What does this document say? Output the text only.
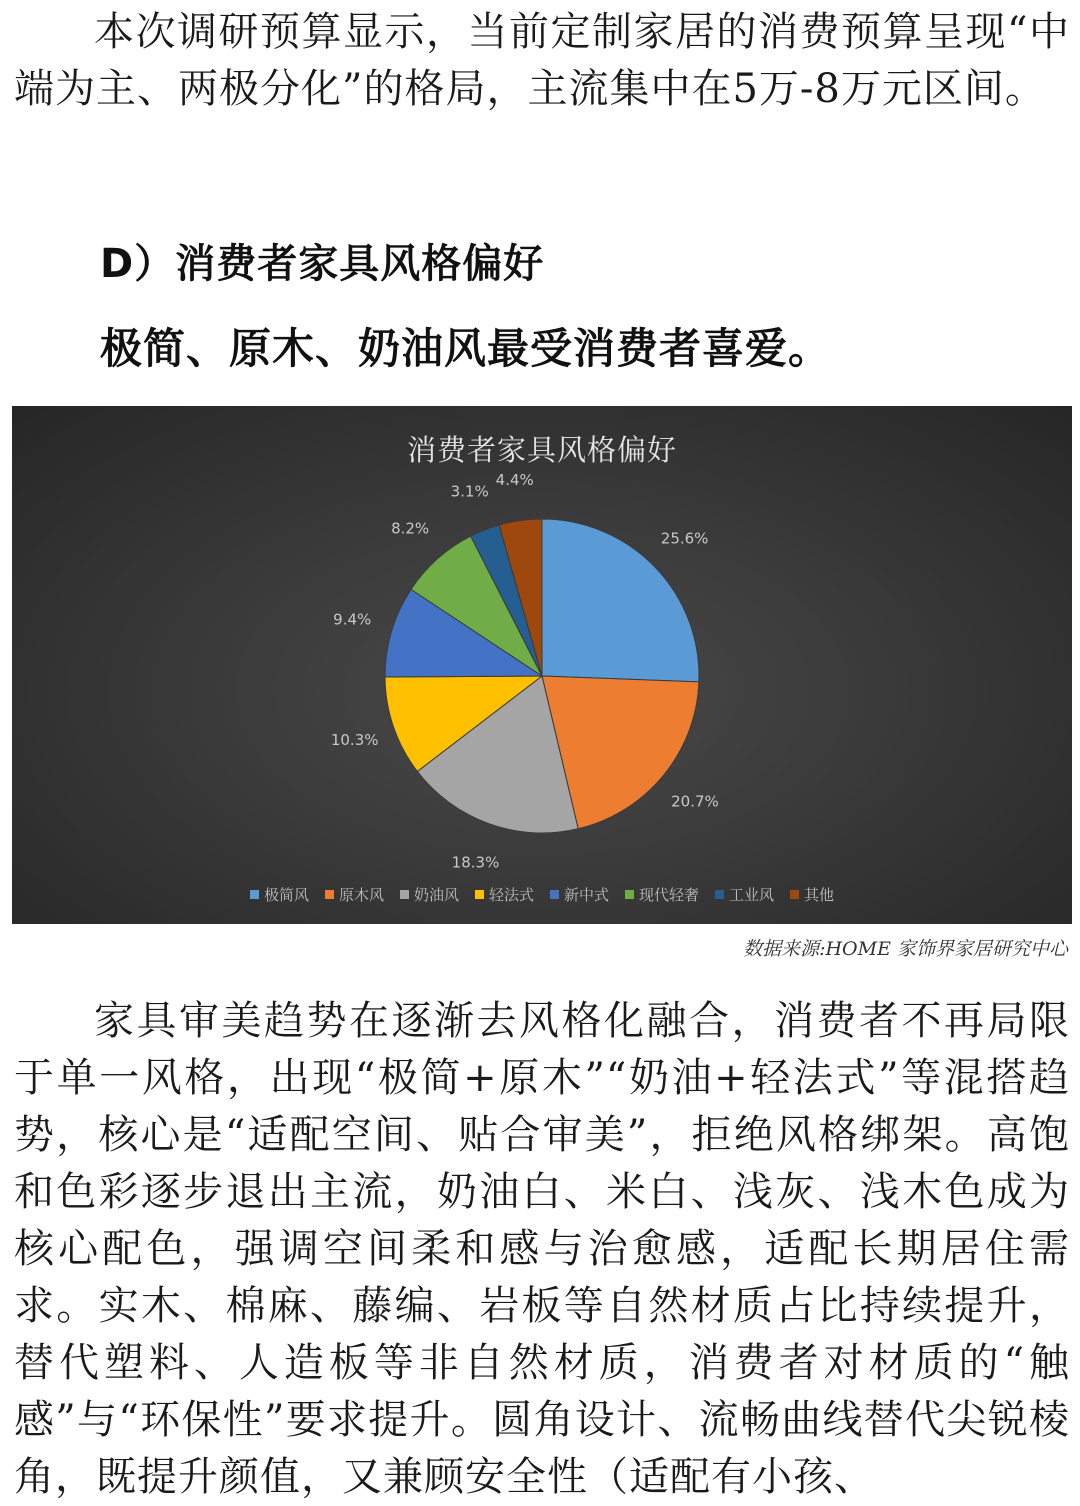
本次调研预算显示，当前定制家居的消费预算呈现“中端为主、两极分化”的格局，主流集中在5万-8万元区间。

D）消费者家具风格偏好
极简、原木、奶油风最受消费者喜爱。
消费者家具风格偏好
25.6%
20.7%
18.3%
10.3%
9.4%
8.2%
3.1%
4.4%
极简风 原木风 奶油风 轻法式 新中式 现代轻奢 工业风 其他
数据来源:HOME 家饰界家居研究中心

家具审美趋势在逐渐去风格化融合，消费者不再局限于单一风格，出现“极简+原木”“奶油+轻法式”等混搭趋势，核心是“适配空间、贴合审美”，拒绝风格绑架。高饱和色彩逐步退出主流，奶油白、米白、浅灰、浅木色成为核心配色，强调空间柔和感与治愈感，适配长期居住需求。实木、棉麻、藤编、岩板等自然材质占比持续提升，替代塑料、人造板等非自然材质，消费者对材质的“触感”与“环保性”要求提升。圆角设计、流畅曲线替代尖锐棱角，既提升颜值，又兼顾安全性（适配有小孩、
